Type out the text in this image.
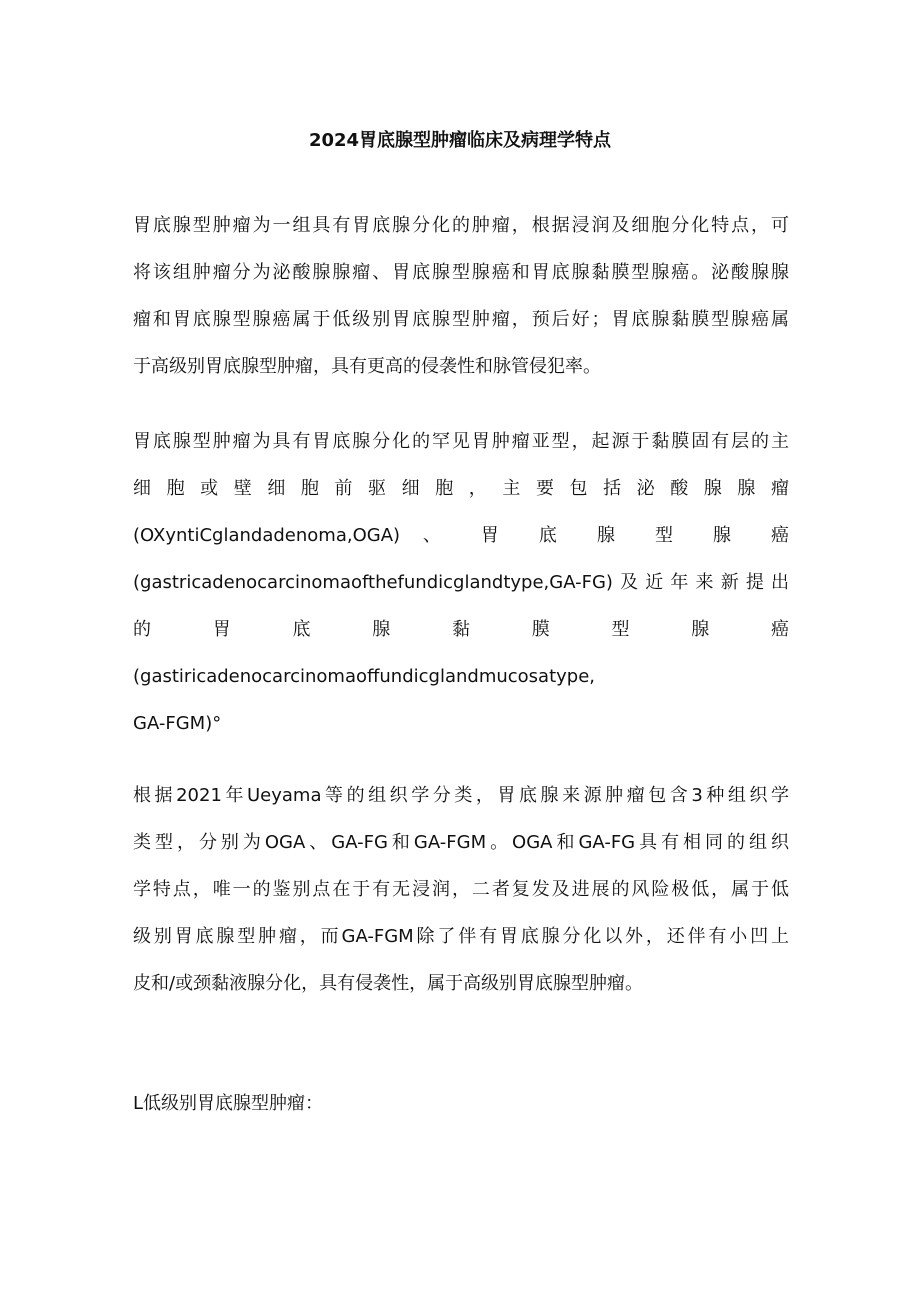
2024胃底腺型肿瘤临床及病理学特点
胃底腺型肿瘤为一组具有胃底腺分化的肿瘤，根据浸润及细胞分化特点，可
将该组肿瘤分为泌酸腺腺瘤、胃底腺型腺癌和胃底腺黏膜型腺癌。泌酸腺腺
瘤和胃底腺型腺癌属于低级别胃底腺型肿瘤，预后好；胃底腺黏膜型腺癌属
于高级别胃底腺型肿瘤，具有更高的侵袭性和脉管侵犯率。
胃底腺型肿瘤为具有胃底腺分化的罕见胃肿瘤亚型，起源于黏膜固有层的主
细 胞 或 壁 细 胞 前 驱 细 胞 ， 主 要 包 括 泌 酸 腺 腺 瘤
(OXyntiCglandadenoma,OGA) 、 胃 底 腺 型 腺 癌
(gastricadenocarcinomaofthefundicglandtype,GA-FG)及近年来新提出
的 胃 底 腺 黏 膜 型 腺 癌
(gastiricadenocarcinomaoffundicglandmucosatype,
GA-FGM)°
根据2021年Ueyama等的组织学分类，胃底腺来源肿瘤包含3种组织学
类型，分别为OGA、GA-FG和GA-FGM。OGA和GA-FG具有相同的组织
学特点，唯一的鉴别点在于有无浸润，二者复发及进展的风险极低，属于低
级别胃底腺型肿瘤，而GA-FGM除了伴有胃底腺分化以外，还伴有小凹上
皮和/或颈黏液腺分化，具有侵袭性，属于高级别胃底腺型肿瘤。
L低级别胃底腺型肿瘤：
